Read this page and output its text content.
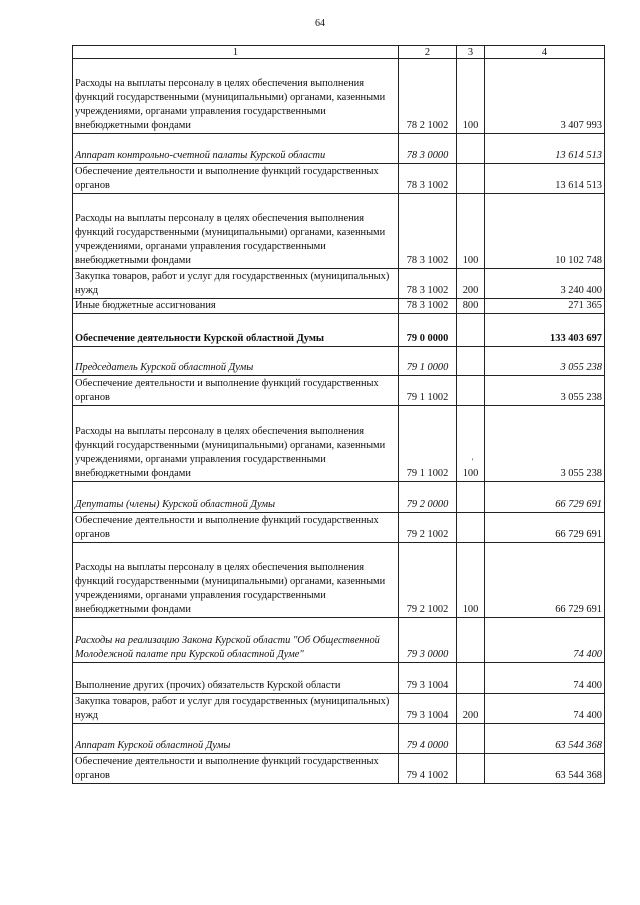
64
1	2	3	4
Расходы на выплаты персоналу в целях обеспечения выполнения функций государственными (муниципальными) органами, казенными учреждениями, органами управления государственными внебюджетными фондами	78 2 1002	100	3 407 993
Аппарат контрольно-счетной палаты Курской области	78 3 0000		13 614 513
Обеспечение деятельности и выполнение функций государственных органов	78 3 1002		13 614 513
Расходы на выплаты персоналу в целях обеспечения выполнения функций государственными (муниципальными) органами, казенными учреждениями, органами управления государственными внебюджетными фондами	78 3 1002	100	10 102 748
Закупка товаров, работ и услуг для государственных (муниципальных) нужд	78 3 1002	200	3 240 400
Иные бюджетные ассигнования	78 3 1002	800	271 365
Обеспечение деятельности Курской областной Думы	79 0 0000		133 403 697
Председатель Курской областной Думы	79 1 0000		3 055 238
Обеспечение деятельности и выполнение функций государственных органов	79 1 1002		3 055 238
Расходы на выплаты персоналу в целях обеспечения выполнения функций государственными (муниципальными) органами, казенными учреждениями, органами управления государственными внебюджетными фондами	79 1 1002	100	3 055 238
Депутаты (члены) Курской областной Думы	79 2 0000		66 729 691
Обеспечение деятельности и выполнение функций государственных органов	79 2 1002		66 729 691
Расходы на выплаты персоналу в целях обеспечения выполнения функций государственными (муниципальными) органами, казенными учреждениями, органами управления государственными внебюджетными фондами	79 2 1002	100	66 729 691
Расходы на реализацию Закона Курской области "Об Общественной Молодежной палате при Курской областной Думе"	79 3 0000		74 400
Выполнение других (прочих) обязательств Курской области	79 3 1004		74 400
Закупка товаров, работ и услуг для государственных (муниципальных) нужд	79 3 1004	200	74 400
Аппарат Курской областной Думы	79 4 0000		63 544 368
Обеспечение деятельности и выполнение функций государственных органов	79 4 1002		63 544 368
'
